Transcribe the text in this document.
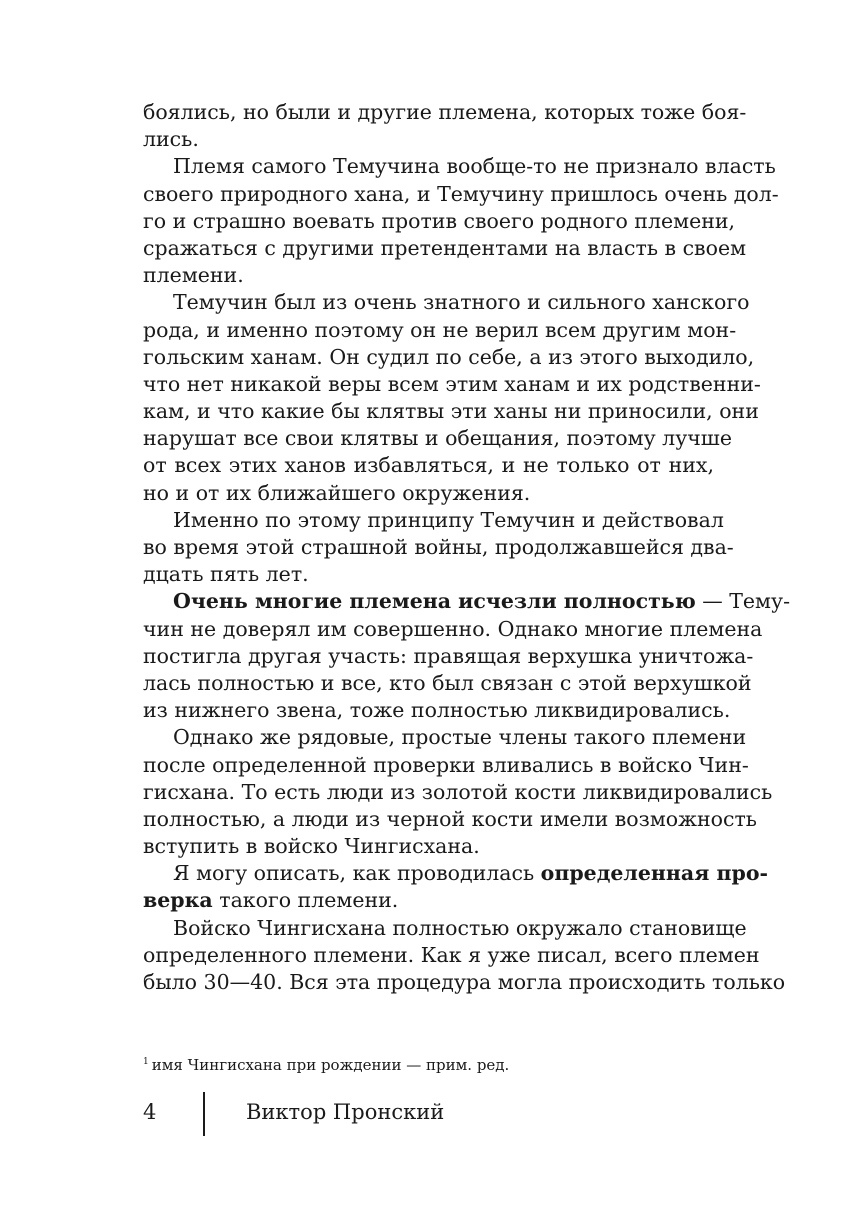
боялись, но были и другие племена, которых тоже боя-
лись.
Племя самого Темучина вообще-то не признало власть
своего природного хана, и Темучину пришлось очень дол-
го и страшно воевать против своего родного племени,
сражаться с другими претендентами на власть в своем
племени.
Темучин был из очень знатного и сильного ханского
рода, и именно поэтому он не верил всем другим мон-
гольским ханам. Он судил по себе, а из этого выходило,
что нет никакой веры всем этим ханам и их родственни-
кам, и что какие бы клятвы эти ханы ни приносили, они
нарушат все свои клятвы и обещания, поэтому лучше
от всех этих ханов избавляться, и не только от них,
но и от их ближайшего окружения.
Именно по этому принципу Темучин и действовал
во время этой страшной войны, продолжавшейся два-
дцать пять лет.
Очень многие племена исчезли полностью — Тему-
чин не доверял им совершенно. Однако многие племена
постигла другая участь: правящая верхушка уничтожа-
лась полностью и все, кто был связан с этой верхушкой
из нижнего звена, тоже полностью ликвидировались.
Однако же рядовые, простые члены такого племени
после определенной проверки вливались в войско Чин-
гисхана. То есть люди из золотой кости ликвидировались
полностью, а люди из черной кости имели возможность
вступить в войско Чингисхана.
Я могу описать, как проводилась определенная про-
верка такого племени.
Войско Чингисхана полностью окружало становище
определенного племени. Как я уже писал, всего племен
было 30—40. Вся эта процедура могла происходить только
$^1$ имя Чингисхана при рождении — прим. ред.
4	Виктор Пронский
